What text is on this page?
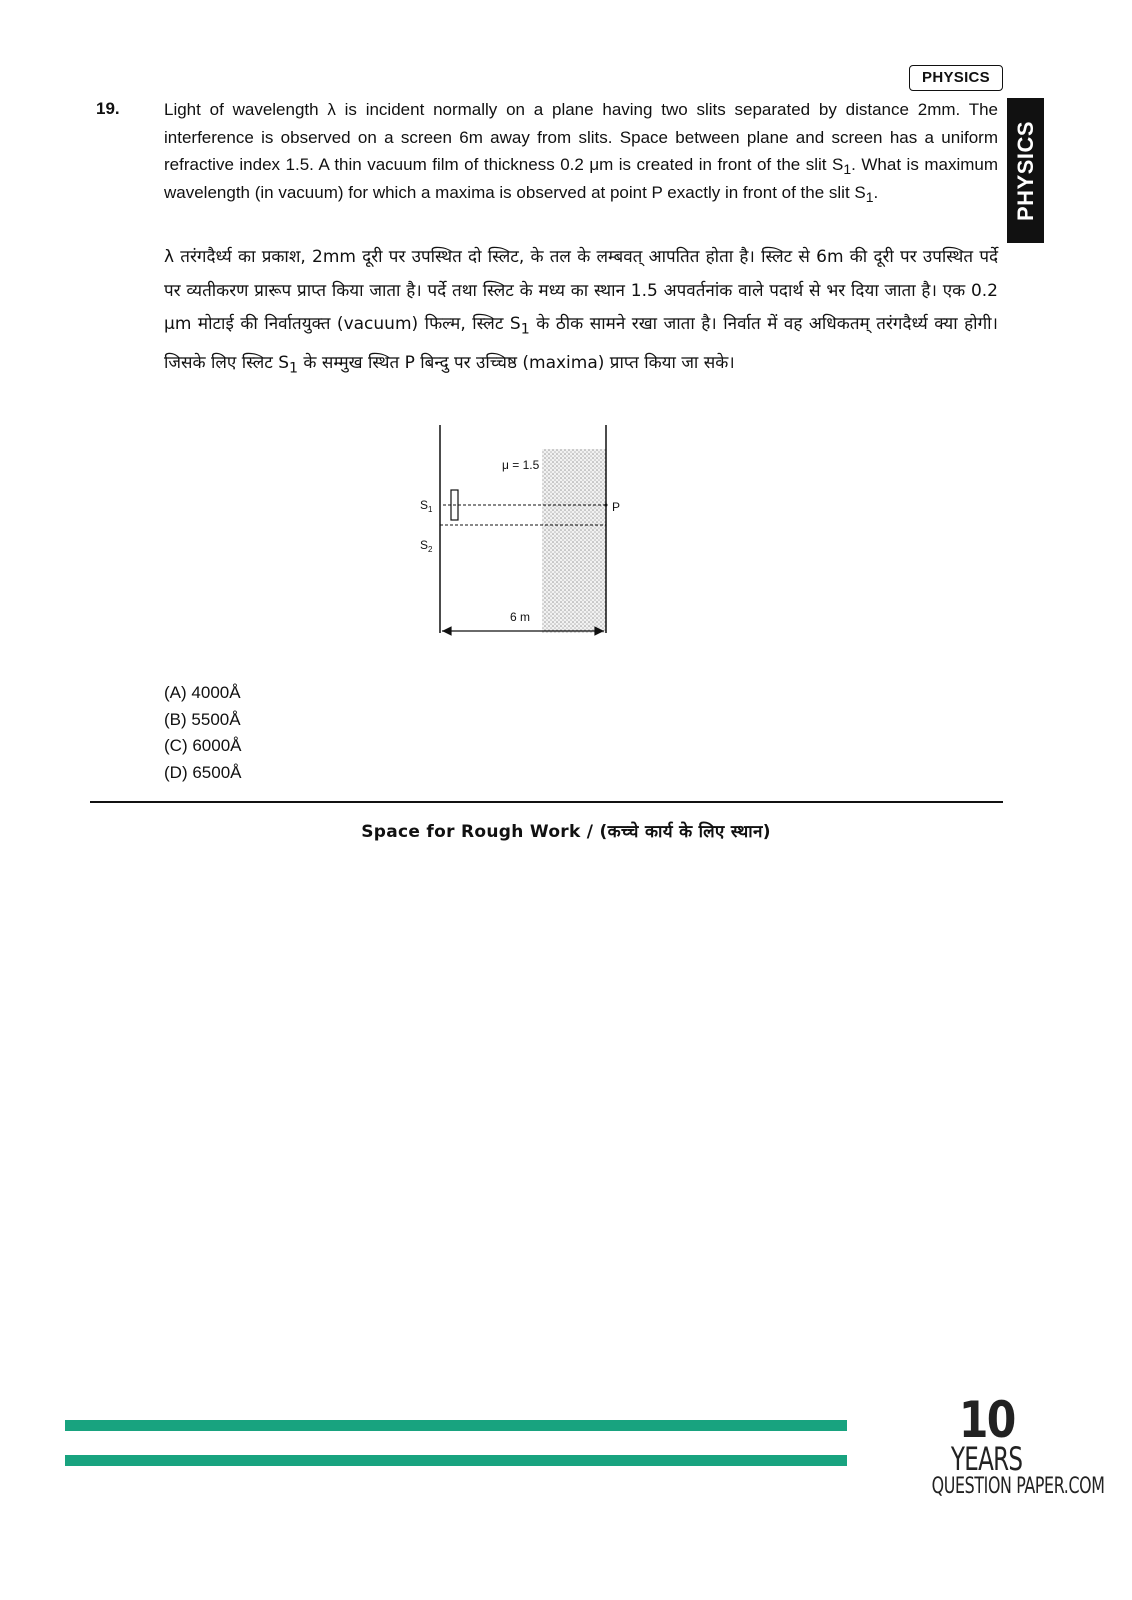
PHYSICS
PHYSICS
19.	Light of wavelength λ is incident normally on a plane having two slits separated by distance 2mm. The interference is observed on a screen 6m away from slits. Space between plane and screen has a uniform refractive index 1.5. A thin vacuum film of thickness 0.2 μm is created in front of the slit $S_1$. What is maximum wavelength (in vacuum) for which a maxima is observed at point P exactly in front of the slit $S_1$.
λ तरंगदैर्ध्य का प्रकाश, 2mm दूरी पर उपस्थित दो स्लिट, के तल के लम्बवत् आपतित होता है। स्लिट से 6m की दूरी पर उपस्थित पर्दे पर व्यतीकरण प्रारूप प्राप्त किया जाता है। पर्दे तथा स्लिट के मध्य का स्थान 1.5 अपवर्तनांक वाले पदार्थ से भर दिया जाता है। एक 0.2 μm मोटाई की निर्वातयुक्त (vacuum) फिल्म, स्लिट $S_1$ के ठीक सामने रखा जाता है। निर्वात में वह अधिकतम् तरंगदैर्ध्य क्या होगी। जिसके लिए स्लिट $S_1$ के सम्मुख स्थित P बिन्दु पर उच्चिष्ठ (maxima) प्राप्त किया जा सके।
μ = 1.5
$S_1$
$S_2$
P
6 m
(A) 4000Å
(B) 5500Å
(C) 6000Å
(D) 6500Å
Space for Rough Work / (कच्चे कार्य के लिए स्थान)
10
YEARS
QUESTION PAPER.COM
